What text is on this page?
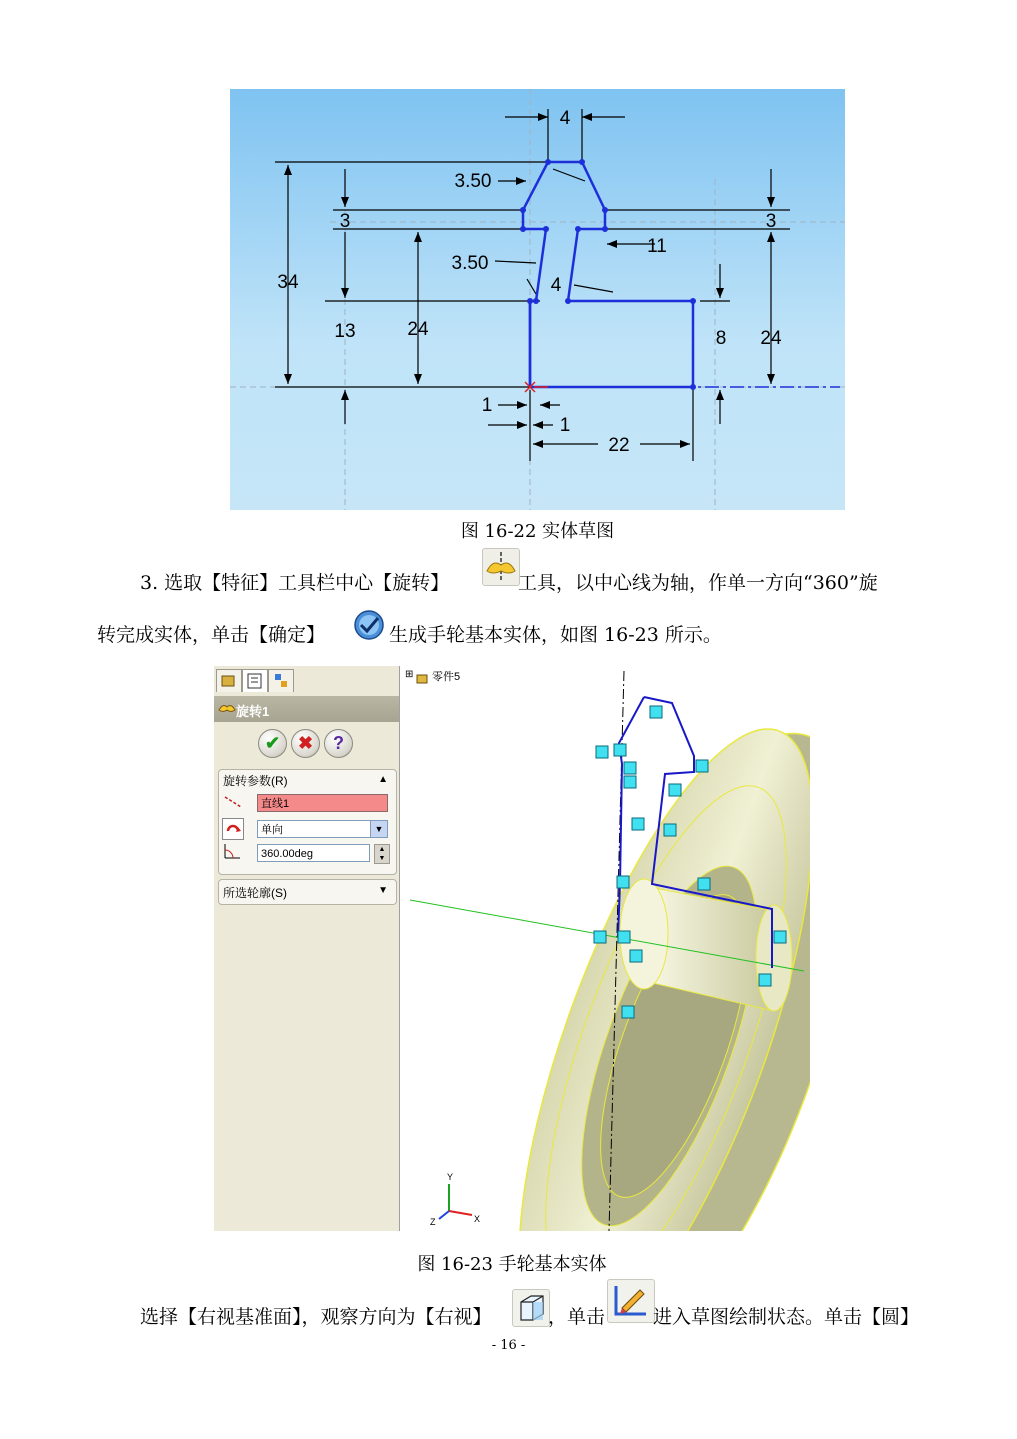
4
3.50
3	3
34
11
3.50
4
13	24	8 24
1
1
22
图 16-22 实体草图
3. 选取【特征】工具栏中心【旋转】	工具，以中心线为轴，作单一方向“360”旋
转完成实体，单击【确定】	生成手轮基本实体，如图 16-23 所示。
旋转1
✔ ✖	?
旋转参数(R)	▲
直线1
单向	▼
360.00deg	▲
▼
所选轮廓(S)	▼
Y
X
Z
⊞ 零件5
图 16-23 手轮基本实体
选择【右视基准面】，观察方向为【右视】	，单击	进入草图绘制状态。单击【圆】
- 16 -
